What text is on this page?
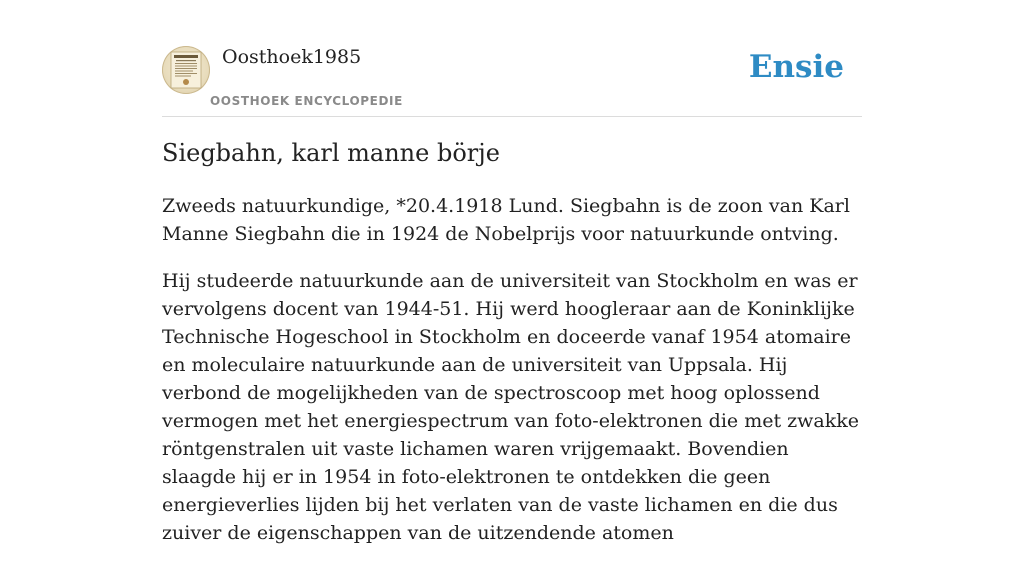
Oosthoek1985
OOSTHOEK ENCYCLOPEDIE
Ensie
Siegbahn, karl manne börje

Zweeds natuurkundige, *20.4.1918 Lund. Siegbahn is de zoon van Karl Manne Siegbahn die in 1924 de Nobelprijs voor natuurkunde ontving.

Hij studeerde natuurkunde aan de universiteit van Stockholm en was er vervolgens docent van 1944-51. Hij werd hoogleraar aan de Koninklijke Technische Hogeschool in Stockholm en doceerde vanaf 1954 atomaire en moleculaire natuurkunde aan de universiteit van Uppsala. Hij verbond de mogelijkheden van de spectroscoop met hoog oplossend vermogen met het energiespectrum van foto-elektronen die met zwakke röntgenstralen uit vaste lichamen waren vrijgemaakt. Bovendien slaagde hij er in 1954 in foto-elektronen te ontdekken die geen energieverlies lijden bij het verlaten van de vaste lichamen en die dus zuiver de eigenschappen van de uitzendende atomen
